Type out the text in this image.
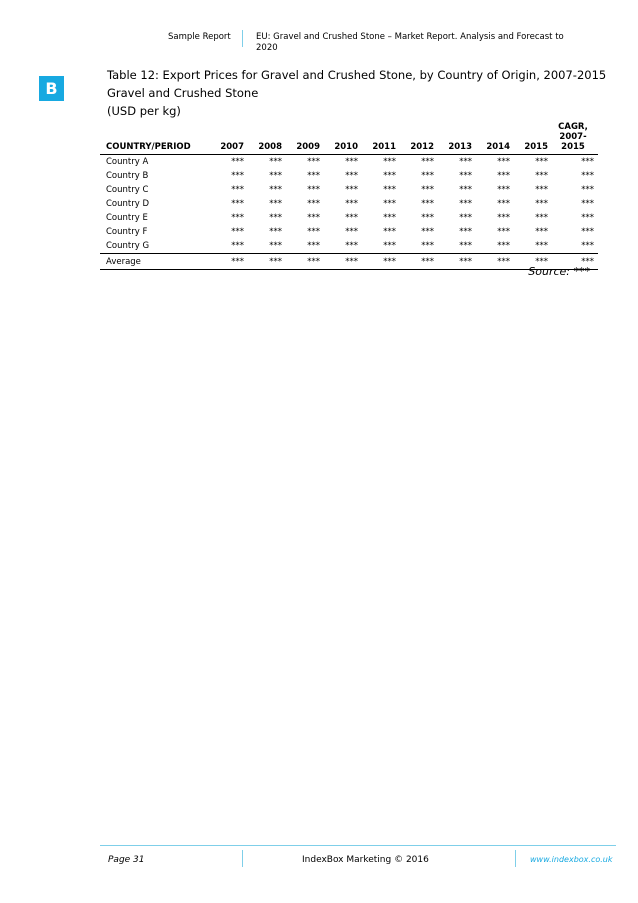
Sample Report	EU: Gravel and Crushed Stone – Market Report. Analysis and Forecast to 2020
B
Table 12: Export Prices for Gravel and Crushed Stone, by Country of Origin, 2007-2015
Gravel and Crushed Stone
(USD per kg)
COUNTRY/PERIOD	2007	2008	2009	2010	2011	2012	2013	2014	2015	CAGR, 2007-2015
Country A	***	***	***	***	***	***	***	***	***	***
Country B	***	***	***	***	***	***	***	***	***	***
Country C	***	***	***	***	***	***	***	***	***	***
Country D	***	***	***	***	***	***	***	***	***	***
Country E	***	***	***	***	***	***	***	***	***	***
Country F	***	***	***	***	***	***	***	***	***	***
Country G	***	***	***	***	***	***	***	***	***	***
Average	***	***	***	***	***	***	***	***	***	***
Source: ***
Page 31	IndexBox Marketing © 2016	www.indexbox.co.uk
